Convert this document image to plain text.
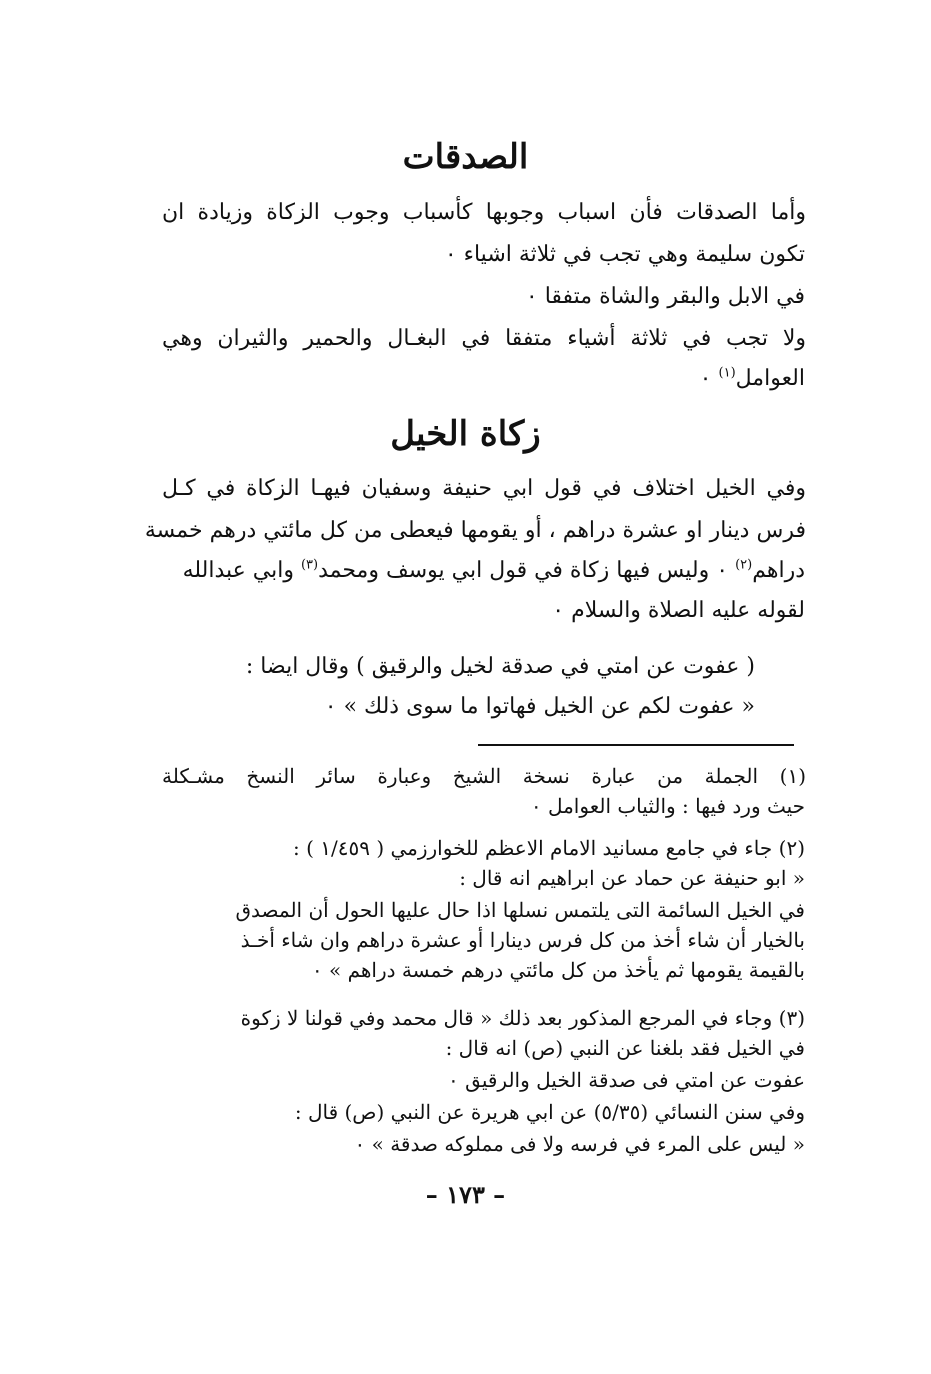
الصدقات
وأما الصدقات فأن اسباب وجوبها كأسباب وجوب الزكاة وزيادة ان
تكون سليمة وهي تجب في ثلاثة اشياء ٠
في الابل والبقر والشاة متفقا ٠
ولا تجب في ثلاثة أشياء متفقا في البغـال والحمير والثيران وهي
العوامل$^{(١)}$ ٠
زكاة الخيل
وفي الخيل اختلاف في قول ابي حنيفة وسفيان فيهـا الزكاة في كـل
فرس دينار او عشرة دراهم ، أو يقومها فيعطى من كل مائتي درهم خمسة
دراهم$^{(٢)}$ ٠ وليس فيها زكاة في قول ابي يوسف ومحمد$^{(٣)}$ وابي عبدالله
لقوله عليه الصلاة والسلام ٠
( عفوت عن امتي في صدقة لخيل والرقيق ) وقال ايضا :
« عفوت لكم عن الخيل فهاتوا ما سوى ذلك » ٠
(١) الجملة من عبارة نسخة الشيخ وعبارة سائر النسخ مشـكلة
حيث ورد فيها : والثياب العوامل ٠
(٢) جاء في جامع مسانيد الامام الاعظم للخوارزمي ( ١/٤٥٩ ) :
« ابو حنيفة عن حماد عن ابراهيم انه قال :
في الخيل السائمة التى يلتمس نسلها اذا حال عليها الحول أن المصدق
بالخيار أن شاء أخذ من كل فرس دينارا أو عشرة دراهم وان شاء أخـذ
بالقيمة يقومها ثم يأخذ من كل مائتي درهم خمسة دراهم » ٠
(٣) وجاء في المرجع المذكور بعد ذلك « قال محمد وفي قولنا لا زكوة
في الخيل فقد بلغنا عن النبي (ص) انه قال :
عفوت عن امتي فى صدقة الخيل والرقيق ٠
وفي سنن النسائي (٥/٣٥) عن ابي هريرة عن النبي (ص) قال :
« ليس على المرء في فرسه ولا فى مملوكه صدقة » ٠
– ١٧٣ –
